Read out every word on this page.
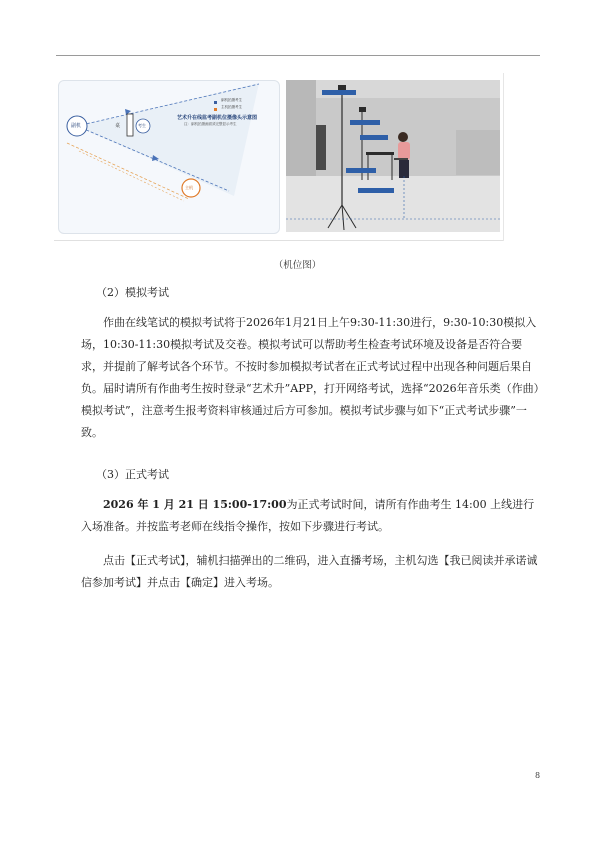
副机拍摄考生
主机拍摄考生
艺术升在线监考副机位摄像头示意图
注：副机拍摄画面须完整显示考生
副机	桌	考生
主机
（机位图）
（2）模拟考试
作曲在线笔试的模拟考试将于2026年1月21日上午9:30-11:30进行，9:30-10:30模拟入场，10:30-11:30模拟考试及交卷。模拟考试可以帮助考生检查考试环境及设备是否符合要求，并提前了解考试各个环节。不按时参加模拟考试者在正式考试过程中出现各种问题后果自负。 届时请所有作曲考生按时登录“艺术升”APP，打开网络考试，选择“2026年音乐类（作曲）模拟考试”，注意考生报考资料审核通过后方可参加。模拟考试步骤与如下“正式考试步骤”一致。
（3）正式考试
2026 年 1 月 21 日 15:00-17:00为正式考试时间，请所有作曲考生 14:00 上线进行入场准备。并按监考老师在线指令操作，按如下步骤进行考试。
点击【正式考试】，辅机扫描弹出的二维码，进入直播考场，主机勾选【我已阅读并承诺诚信参加考试】并点击【确定】进入考场。
8
